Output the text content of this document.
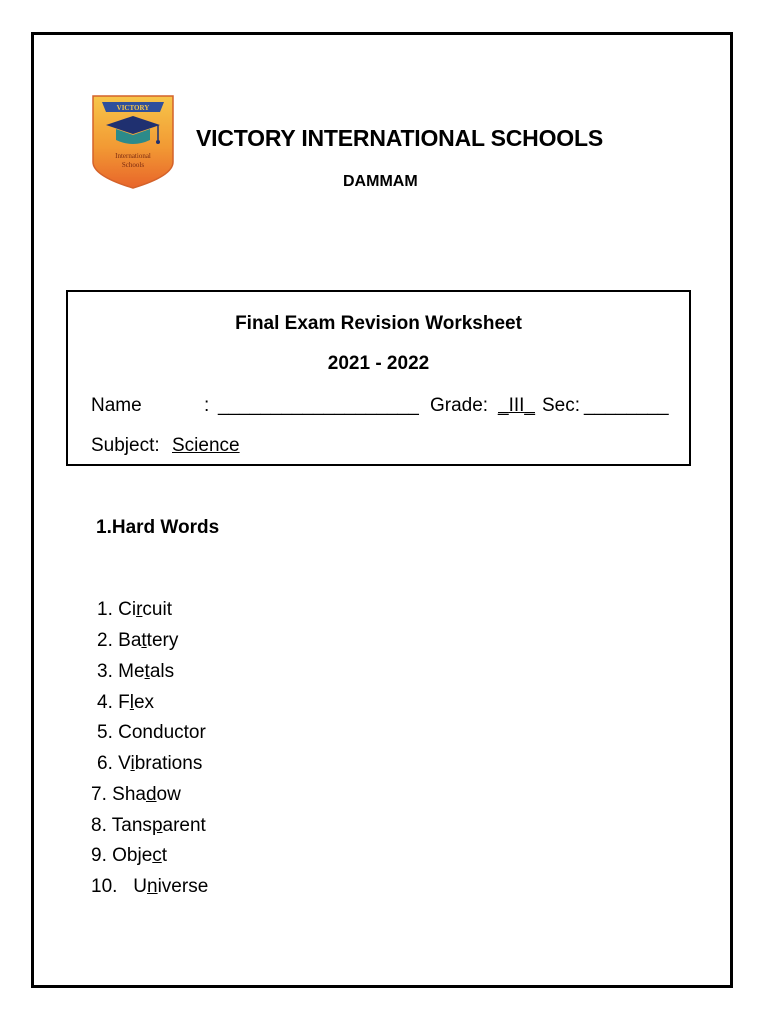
VICTORY
International
Schools
VICTORY INTERNATIONAL SCHOOLS
DAMMAM
Final Exam Revision Worksheet
2021 - 2022
Name	: ___________________ Grade: _III_ Sec: ________
Subject: Science
1.Hard Words
1. Circuit
2. Battery
3. Metals
4. Flex
5. Conductor
6. Vibrations
7. Shadow
8. Tansparent
9. Object
10. Universe
